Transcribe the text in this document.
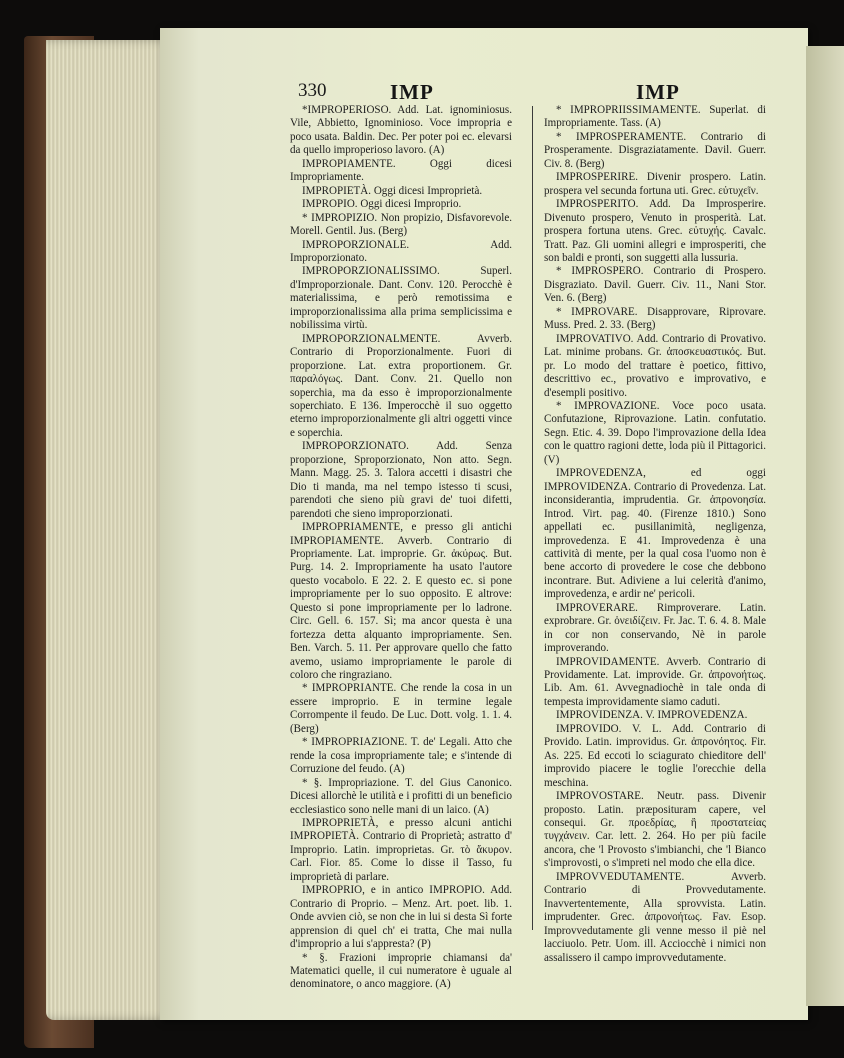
330	IMP	IMP

*IMPROPERIOSO. Add. Lat. ignominiosus. Vile, Abbietto, Ignominioso. Voce impropria e poco usata. Baldin. Dec. Per poter poi ec. elevarsi da quello improperioso lavoro. (A)

IMPROPIAMENTE. Oggi dicesi Impropriamente.

IMPROPIETÀ. Oggi dicesi Improprietà.

IMPROPIO. Oggi dicesi Improprio.

* IMPROPIZIO. Non propizio, Disfavorevole. Morell. Gentil. Jus. (Berg)

IMPROPORZIONALE. Add. Improporzionato.

IMPROPORZIONALISSIMO. Superl. d'Improporzionale. Dant. Conv. 120. Perocchè è materialissima, e però remotissima e improporzionalissima alla prima semplicissima e nobilissima virtù.

IMPROPORZIONALMENTE. Avverb. Contrario di Proporzionalmente. Fuori di proporzione. Lat. extra proportionem. Gr. παραλόγως. Dant. Conv. 21. Quello non soperchia, ma da esso è improporzionalmente soperchiato. E 136. Imperocchè il suo oggetto eterno improporzionalmente gli altri oggetti vince e soperchia.

IMPROPORZIONATO. Add. Senza proporzione, Sproporzionato, Non atto. Segn. Mann. Magg. 25. 3. Talora accetti i disastri che Dio ti manda, ma nel tempo istesso ti scusi, parendoti che sieno più gravi de' tuoi difetti, parendoti che sieno improporzionati.

IMPROPRIAMENTE, e presso gli antichi IMPROPIAMENTE. Avverb. Contrario di Propriamente. Lat. improprie. Gr. ἀκύρως. But. Purg. 14. 2. Impropriamente ha usato l'autore questo vocabolo. E 22. 2. E questo ec. si pone impropriamente per lo suo opposito. E altrove: Questo si pone impropriamente per lo ladrone. Circ. Gell. 6. 157. Sì; ma ancor questa è una fortezza detta alquanto impropriamente. Sen. Ben. Varch. 5. 11. Per approvare quello che fatto avemo, usiamo impropriamente le parole di coloro che ringraziano.

* IMPROPRIANTE. Che rende la cosa in un essere improprio. E in termine legale Corrompente il feudo. De Luc. Dott. volg. 1. 1. 4. (Berg)

* IMPROPRIAZIONE. T. de' Legali. Atto che rende la cosa impropriamente tale; e s'intende di Corruzione del feudo. (A)

* §. Impropriazione. T. del Gius Canonico. Dicesi allorchè le utilità e i profitti di un beneficio ecclesiastico sono nelle mani di un laico. (A)

IMPROPRIETÀ, e presso alcuni antichi IMPROPIETÀ. Contrario di Proprietà; astratto d' Improprio. Latin. improprietas. Gr. τὸ ἄκυρον. Carl. Fior. 85. Come lo disse il Tasso, fu improprietà di parlare.

IMPROPRIO, e in antico IMPROPIO. Add. Contrario di Proprio. – Menz. Art. poet. lib. 1. Onde avvien ciò, se non che in lui si desta Sì forte apprension di quel ch' ei tratta, Che mai nulla d'improprio a lui s'appresta? (P)

* §. Frazioni improprie chiamansi da' Matematici quelle, il cui numeratore è uguale al denominatore, o anco maggiore. (A)

* IMPROPRIISSIMAMENTE. Superlat. di Impropriamente. Tass. (A)

* IMPROSPERAMENTE. Contrario di Prosperamente. Disgraziatamente. Davil. Guerr. Civ. 8. (Berg)

IMPROSPERIRE. Divenir prospero. Latin. prospera vel secunda fortuna uti. Grec. εὐτυχεῖν.

IMPROSPERITO. Add. Da Improsperire. Divenuto prospero, Venuto in prosperità. Lat. prospera fortuna utens. Grec. εὐτυχής. Cavalc. Tratt. Paz. Gli uomini allegri e improsperiti, che son baldi e pronti, son suggetti alla lussuria.

* IMPROSPERO. Contrario di Prospero. Disgraziato. Davil. Guerr. Civ. 11., Nani Stor. Ven. 6. (Berg)

* IMPROVARE. Disapprovare, Riprovare. Muss. Pred. 2. 33. (Berg)

IMPROVATIVO. Add. Contrario di Provativo. Lat. minime probans. Gr. ἀποσκευαστικός. But. pr. Lo modo del trattare è poetico, fittivo, descrittivo ec., provativo e improvativo, e d'esempli positivo.

* IMPROVAZIONE. Voce poco usata. Confutazione, Riprovazione. Latin. confutatio. Segn. Etic. 4. 39. Dopo l'improvazione della Idea con le quattro ragioni dette, loda più il Pittagorici. (V)

IMPROVEDENZA, ed oggi IMPROVIDENZA. Contrario di Provedenza. Lat. inconsiderantia, imprudentia. Gr. ἀπρονοησία. Introd. Virt. pag. 40. (Firenze 1810.) Sono appellati ec. pusillanimità, negligenza, improvedenza. E 41. Improvedenza è una cattività di mente, per la qual cosa l'uomo non è bene accorto di provedere le cose che debbono incontrare. But. Adiviene a lui celerità d'animo, improvedenza, e ardir ne' pericoli.

IMPROVERARE. Rimproverare. Latin. exprobrare. Gr. ὀνειδίζειν. Fr. Jac. T. 6. 4. 8. Male in cor non conservando, Nè in parole improverando.

IMPROVIDAMENTE. Avverb. Contrario di Providamente. Lat. improvide. Gr. ἀπρονοήτως. Lib. Am. 61. Avvegnadiochè in tale onda di tempesta improvidamente siamo caduti.

IMPROVIDENZA. V. IMPROVEDENZA.

IMPROVIDO. V. L. Add. Contrario di Provido. Latin. improvidus. Gr. ἀπρονόητος. Fir. As. 225. Ed eccoti lo sciagurato chieditore dell' improvido piacere le toglie l'orecchie della meschina.

IMPROVOSTARE. Neutr. pass. Divenir proposto. Latin. præposituram capere, vel consequi. Gr. προεδρίας, ἢ προστατείας τυγχάνειν. Car. lett. 2. 264. Ho per più facile ancora, che 'l Provosto s'imbianchi, che 'l Bianco s'improvosti, o s'impreti nel modo che ella dice.

IMPROVVEDUTAMENTE. Avverb. Contrario di Provvedutamente. Inavvertentemente, Alla sprovvista. Latin. imprudenter. Grec. ἀπρονοήτως. Fav. Esop. Improvvedutamente gli venne messo il piè nel lacciuolo. Petr. Uom. ill. Acciocchè i nimici non assalissero il campo improvvedutamente.
